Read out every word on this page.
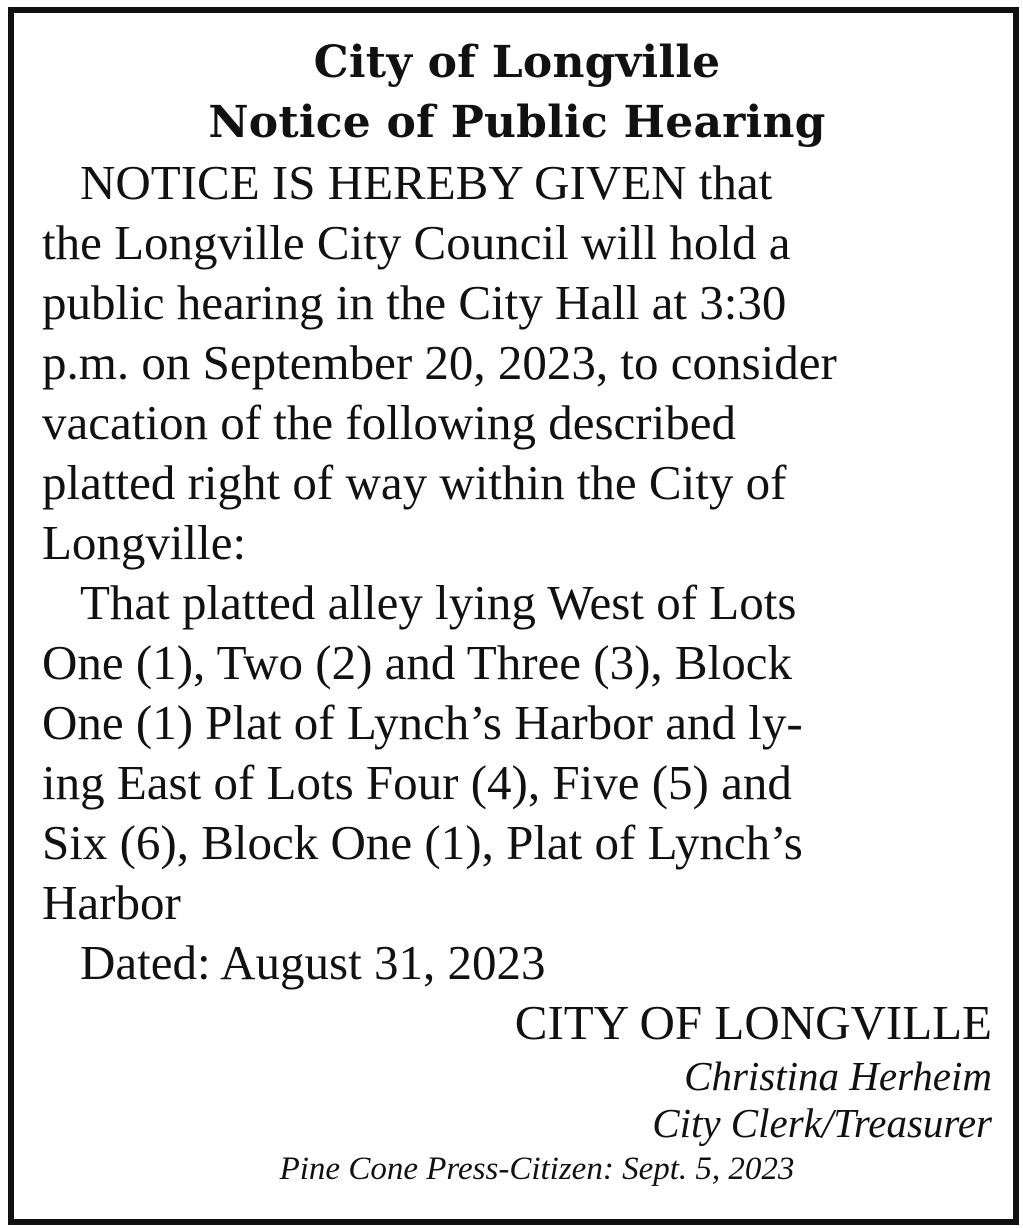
City of Longville
Notice of Public Hearing
NOTICE IS HEREBY GIVEN that
the Longville City Council will hold a
public hearing in the City Hall at 3:30
p.m. on September 20, 2023, to consider
vacation of the following described
platted right of way within the City of
Longville:
That platted alley lying West of Lots
One (1), Two (2) and Three (3), Block
One (1) Plat of Lynch’s Harbor and ly-
ing East of Lots Four (4), Five (5) and
Six (6), Block One (1), Plat of Lynch’s
Harbor
Dated: August 31, 2023
CITY OF LONGVILLE
Christina Herheim
City Clerk/Treasurer
Pine Cone Press-Citizen: Sept. 5, 2023
